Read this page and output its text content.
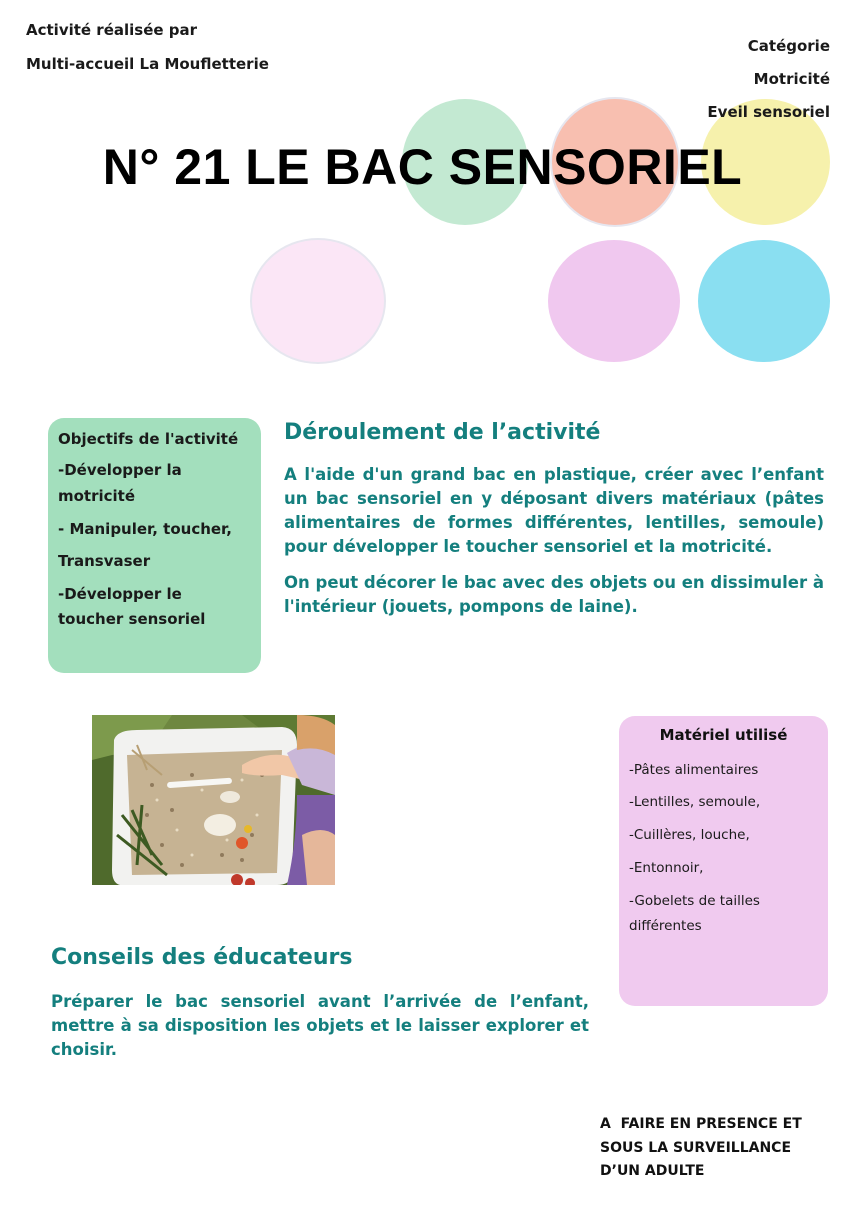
Activité réalisée par
Multi-accueil La Moufletterie
Catégorie
Motricité
Eveil sensoriel
N° 21 LE BAC SENSORIEL

Objectifs de l'activité

-Développer la

motricité

- Manipuler, toucher,

Transvaser

-Développer le

toucher sensoriel

Déroulement de l’activité

A l'aide d'un grand bac en plastique, créer avec l’enfant un bac sensoriel en y déposant divers matériaux (pâtes alimentaires de formes différentes, lentilles, semoule) pour développer le toucher sensoriel et la motricité.

On peut décorer le bac avec des objets ou en dissimuler à l'intérieur (jouets, pompons de laine).

Matériel utilisé
-Pâtes alimentaires
-Lentilles, semoule,
-Cuillères, louche,
-Entonnoir,
-Gobelets de tailles
différentes
Conseils des éducateurs

Préparer le bac sensoriel avant l’arrivée de l’enfant, mettre à sa disposition les objets et le laisser explorer et choisir.

A  FAIRE EN PRESENCE ET
SOUS LA SURVEILLANCE
D’UN ADULTE
